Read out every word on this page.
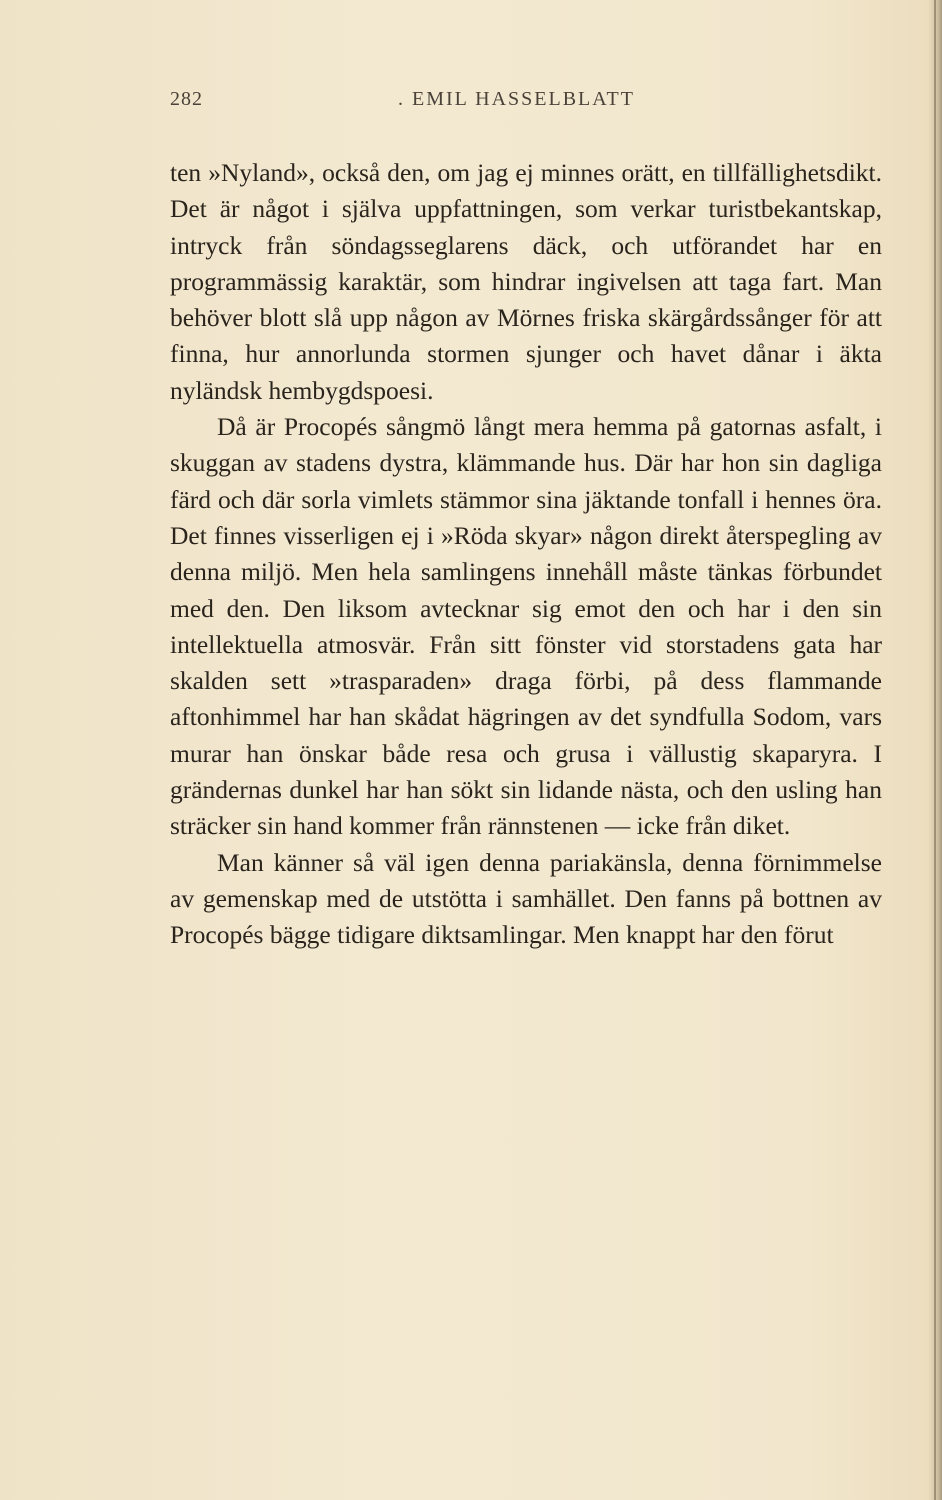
282	. EMIL HASSELBLATT

ten »Nyland», också den, om jag ej minnes orätt, en tillfällighetsdikt. Det är något i själva uppfattningen, som verkar turistbekantskap, intryck från söndagsseglarens däck, och utförandet har en programmässig karaktär, som hindrar ingivelsen att taga fart. Man behöver blott slå upp någon av Mörnes friska skärgårdssånger för att finna, hur annorlunda stormen sjunger och havet dånar i äkta nyländsk hembygdspoesi.

Då är Procopés sångmö långt mera hemma på gatornas asfalt, i skuggan av stadens dystra, klämmande hus. Där har hon sin dagliga färd och där sorla vimlets stämmor sina jäktande tonfall i hennes öra. Det finnes visserligen ej i »Röda skyar» någon direkt återspegling av denna miljö. Men hela samlingens innehåll måste tänkas förbundet med den. Den liksom avtecknar sig emot den och har i den sin intellektuella atmosvär. Från sitt fönster vid storstadens gata har skalden sett »trasparaden» draga förbi, på dess flammande aftonhimmel har han skådat hägringen av det syndfulla Sodom, vars murar han önskar både resa och grusa i vällustig skaparyra. I grändernas dunkel har han sökt sin lidande nästa, och den usling han sträcker sin hand kommer från rännstenen — icke från diket.

Man känner så väl igen denna pariakänsla, denna förnimmelse av gemenskap med de utstötta i samhället. Den fanns på bottnen av Procopés bägge tidigare diktsamlingar. Men knappt har den förut
